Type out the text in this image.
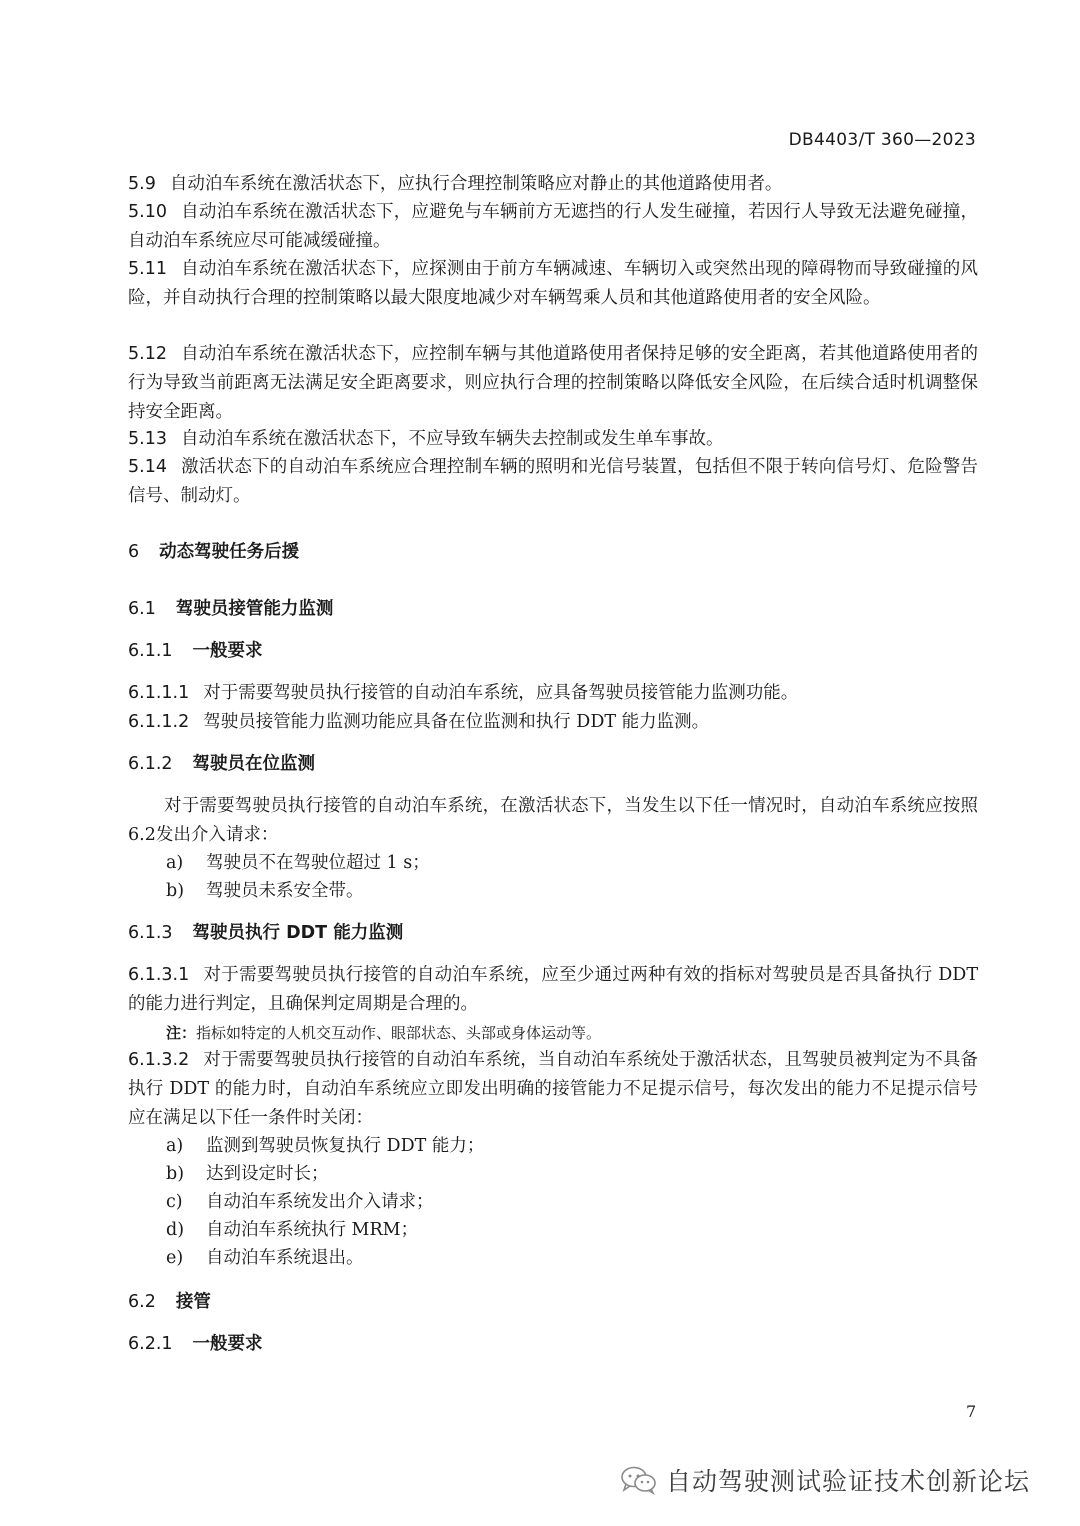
DB4403/T 360—2023
5.9 自动泊车系统在激活状态下，应执行合理控制策略应对静止的其他道路使用者。
5.10 自动泊车系统在激活状态下，应避免与车辆前方无遮挡的行人发生碰撞，若因行人导致无法避免碰撞，自动泊车系统应尽可能减缓碰撞。
5.11 自动泊车系统在激活状态下，应探测由于前方车辆减速、车辆切入或突然出现的障碍物而导致碰撞的风险，并自动执行合理的控制策略以最大限度地减少对车辆驾乘人员和其他道路使用者的安全风险。
5.12 自动泊车系统在激活状态下，应控制车辆与其他道路使用者保持足够的安全距离，若其他道路使用者的行为导致当前距离无法满足安全距离要求，则应执行合理的控制策略以降低安全风险，在后续合适时机调整保持安全距离。
5.13 自动泊车系统在激活状态下，不应导致车辆失去控制或发生单车事故。
5.14 激活状态下的自动泊车系统应合理控制车辆的照明和光信号装置，包括但不限于转向信号灯、危险警告信号、制动灯。
6 动态驾驶任务后援
6.1 驾驶员接管能力监测
6.1.1 一般要求
6.1.1.1 对于需要驾驶员执行接管的自动泊车系统，应具备驾驶员接管能力监测功能。
6.1.1.2 驾驶员接管能力监测功能应具备在位监测和执行 DDT 能力监测。
6.1.2 驾驶员在位监测
对于需要驾驶员执行接管的自动泊车系统，在激活状态下，当发生以下任一情况时，自动泊车系统应按照6.2发出介入请求：
a) 驾驶员不在驾驶位超过 1 s；
b) 驾驶员未系安全带。
6.1.3 驾驶员执行 DDT 能力监测
6.1.3.1 对于需要驾驶员执行接管的自动泊车系统，应至少通过两种有效的指标对驾驶员是否具备执行 DDT 的能力进行判定，且确保判定周期是合理的。
注：指标如特定的人机交互动作、眼部状态、头部或身体运动等。
6.1.3.2 对于需要驾驶员执行接管的自动泊车系统，当自动泊车系统处于激活状态，且驾驶员被判定为不具备执行 DDT 的能力时，自动泊车系统应立即发出明确的接管能力不足提示信号，每次发出的能力不足提示信号应在满足以下任一条件时关闭：
a) 监测到驾驶员恢复执行 DDT 能力；
b) 达到设定时长；
c) 自动泊车系统发出介入请求；
d) 自动泊车系统执行 MRM；
e) 自动泊车系统退出。
6.2 接管
6.2.1 一般要求
7
自动驾驶测试验证技术创新论坛
